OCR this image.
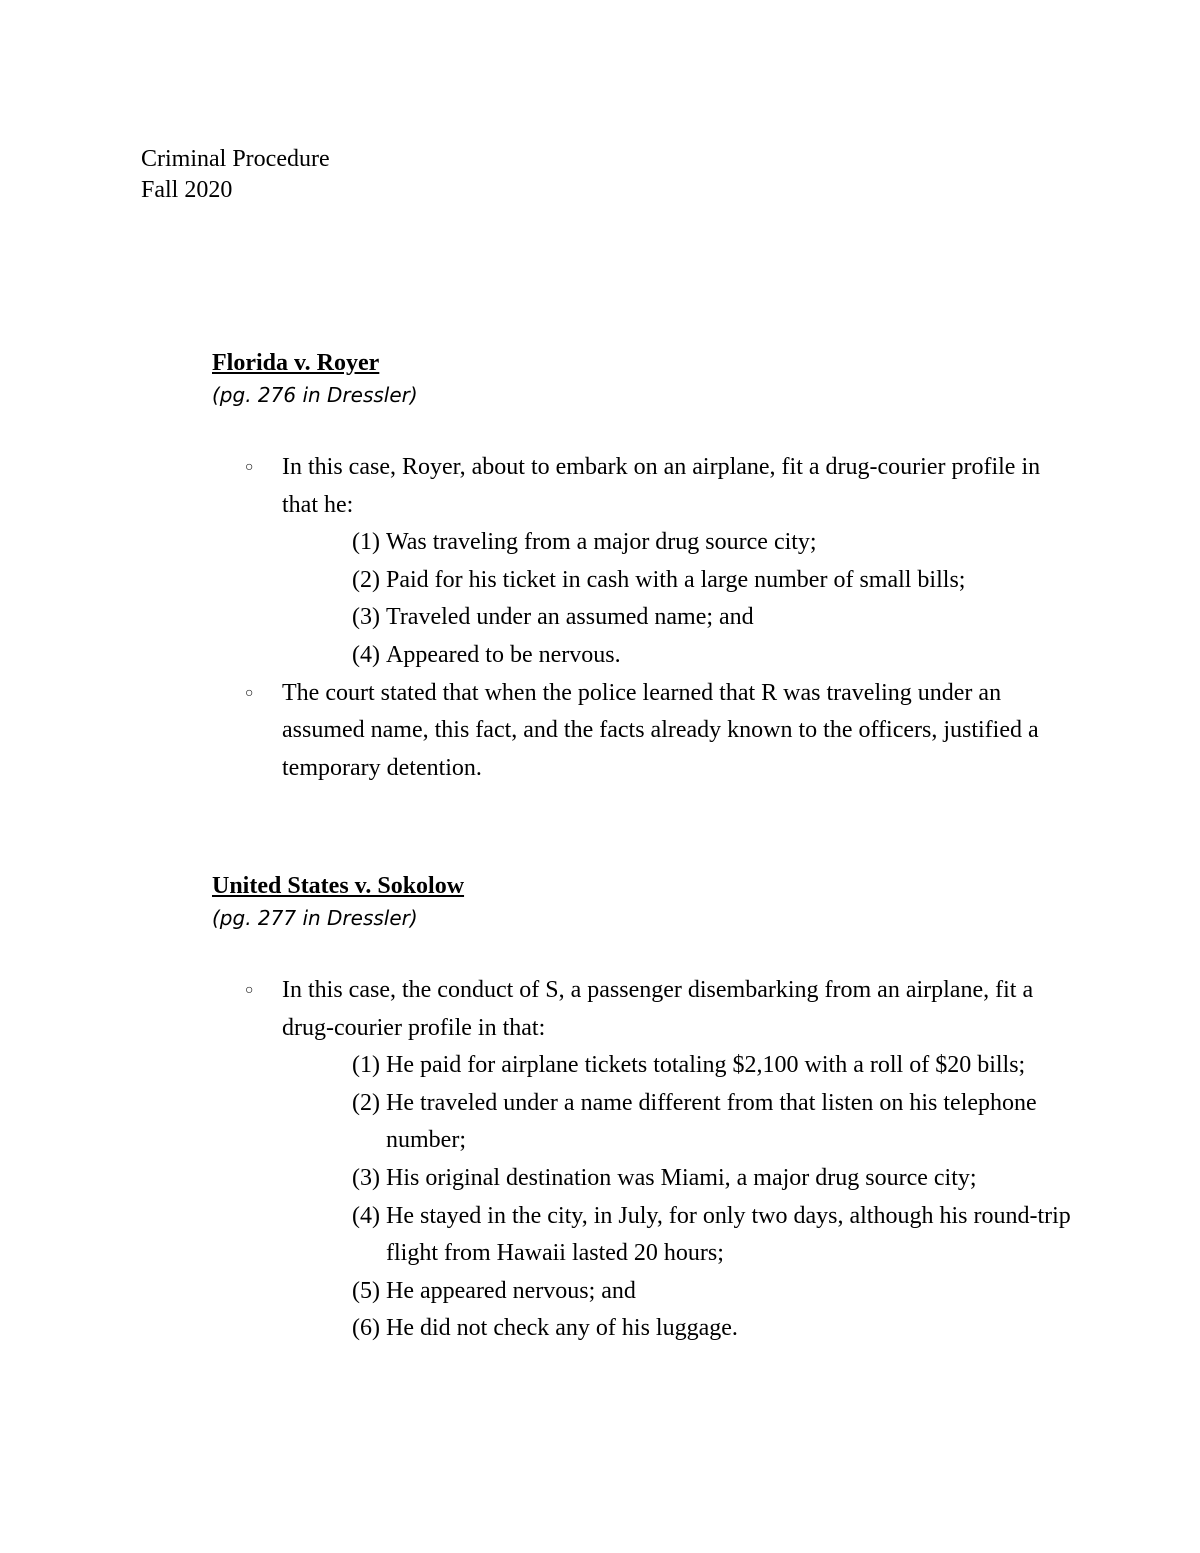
Criminal Procedure
Fall 2020
Florida v. Royer
(pg. 276 in Dressler)
○ In this case, Royer, about to embark on an airplane, fit a drug-courier profile in that he:
(1) Was traveling from a major drug source city;
(2) Paid for his ticket in cash with a large number of small bills;
(3) Traveled under an assumed name; and
(4) Appeared to be nervous.
○ The court stated that when the police learned that R was traveling under an assumed name, this fact, and the facts already known to the officers, justified a temporary detention.
United States v. Sokolow
(pg. 277 in Dressler)
○ In this case, the conduct of S, a passenger disembarking from an airplane, fit a drug-courier profile in that:
(1) He paid for airplane tickets totaling $2,100 with a roll of $20 bills;
(2) He traveled under a name different from that listen on his telephone number;
(3) His original destination was Miami, a major drug source city;
(4) He stayed in the city, in July, for only two days, although his round-trip flight from Hawaii lasted 20 hours;
(5) He appeared nervous; and
(6) He did not check any of his luggage.
